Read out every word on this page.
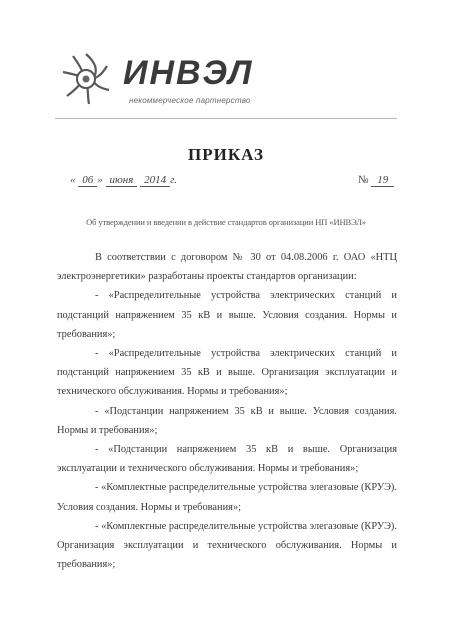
ИНВЭЛ
некоммерческое партнерство
ПРИКАЗ
« 06 » июня 2014 г.	№ 19
Об утверждении и введении в действие стандартов организации НП «ИНВЭЛ»

В соответствии с договором № 30 от 04.08.2006 г. ОАО «НТЦ электроэнергетики» разработаны проекты стандартов организации:

- «Распределительные устройства электрических станций и подстанций напряжением 35 кВ и выше. Условия создания. Нормы и требования»;

- «Распределительные устройства электрических станций и подстанций напряжением 35 кВ и выше. Организация эксплуатации и технического обслуживания. Нормы и требования»;

- «Подстанции напряжением 35 кВ и выше. Условия создания. Нормы и требования»;

- «Подстанции напряжением 35 кВ и выше. Организация эксплуатации и технического обслуживания. Нормы и требования»;

- «Комплектные распределительные устройства элегазовые (КРУЭ). Условия создания. Нормы и требования»;

- «Комплектные распределительные устройства элегазовые (КРУЭ). Организация эксплуатации и технического обслуживания. Нормы и требования»;
